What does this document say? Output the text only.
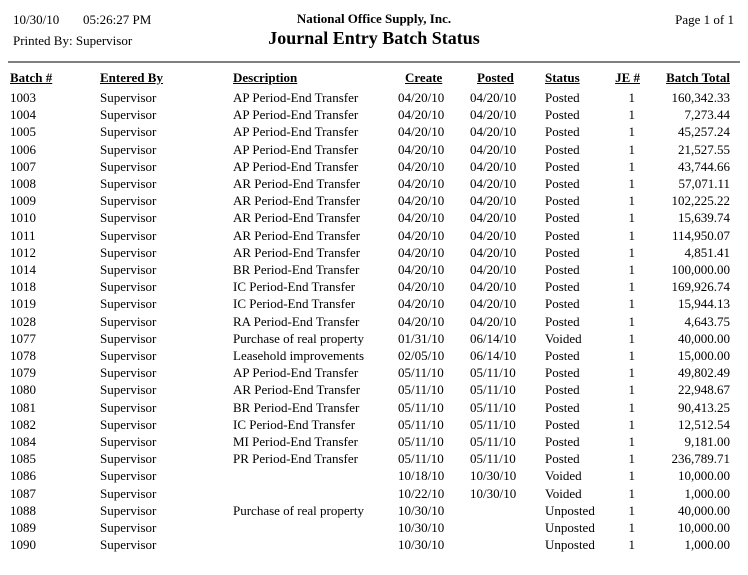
10/30/10 05:26:27 PM	National Office Supply, Inc.	Page 1 of 1
Printed By: Supervisor	Journal Entry Batch Status
Batch #	Entered By	Description	Create	Posted	Status	JE #	Batch Total
1003	Supervisor	AP Period-End Transfer	04/20/10	04/20/10	Posted	1	160,342.33
1004	Supervisor	AP Period-End Transfer	04/20/10	04/20/10	Posted	1	7,273.44
1005	Supervisor	AP Period-End Transfer	04/20/10	04/20/10	Posted	1	45,257.24
1006	Supervisor	AP Period-End Transfer	04/20/10	04/20/10	Posted	1	21,527.55
1007	Supervisor	AP Period-End Transfer	04/20/10	04/20/10	Posted	1	43,744.66
1008	Supervisor	AR Period-End Transfer	04/20/10	04/20/10	Posted	1	57,071.11
1009	Supervisor	AR Period-End Transfer	04/20/10	04/20/10	Posted	1	102,225.22
1010	Supervisor	AR Period-End Transfer	04/20/10	04/20/10	Posted	1	15,639.74
1011	Supervisor	AR Period-End Transfer	04/20/10	04/20/10	Posted	1	114,950.07
1012	Supervisor	AR Period-End Transfer	04/20/10	04/20/10	Posted	1	4,851.41
1014	Supervisor	BR Period-End Transfer	04/20/10	04/20/10	Posted	1	100,000.00
1018	Supervisor	IC Period-End Transfer	04/20/10	04/20/10	Posted	1	169,926.74
1019	Supervisor	IC Period-End Transfer	04/20/10	04/20/10	Posted	1	15,944.13
1028	Supervisor	RA Period-End Transfer	04/20/10	04/20/10	Posted	1	4,643.75
1077	Supervisor	Purchase of real property	01/31/10	06/14/10	Voided	1	40,000.00
1078	Supervisor	Leasehold improvements	02/05/10	06/14/10	Posted	1	15,000.00
1079	Supervisor	AP Period-End Transfer	05/11/10	05/11/10	Posted	1	49,802.49
1080	Supervisor	AR Period-End Transfer	05/11/10	05/11/10	Posted	1	22,948.67
1081	Supervisor	BR Period-End Transfer	05/11/10	05/11/10	Posted	1	90,413.25
1082	Supervisor	IC Period-End Transfer	05/11/10	05/11/10	Posted	1	12,512.54
1084	Supervisor	MI Period-End Transfer	05/11/10	05/11/10	Posted	1	9,181.00
1085	Supervisor	PR Period-End Transfer	05/11/10	05/11/10	Posted	1	236,789.71
1086	Supervisor		10/18/10	10/30/10	Voided	1	10,000.00
1087	Supervisor		10/22/10	10/30/10	Voided	1	1,000.00
1088	Supervisor	Purchase of real property	10/30/10		Unposted	1	40,000.00
1089	Supervisor		10/30/10		Unposted	1	10,000.00
1090	Supervisor		10/30/10		Unposted	1	1,000.00
